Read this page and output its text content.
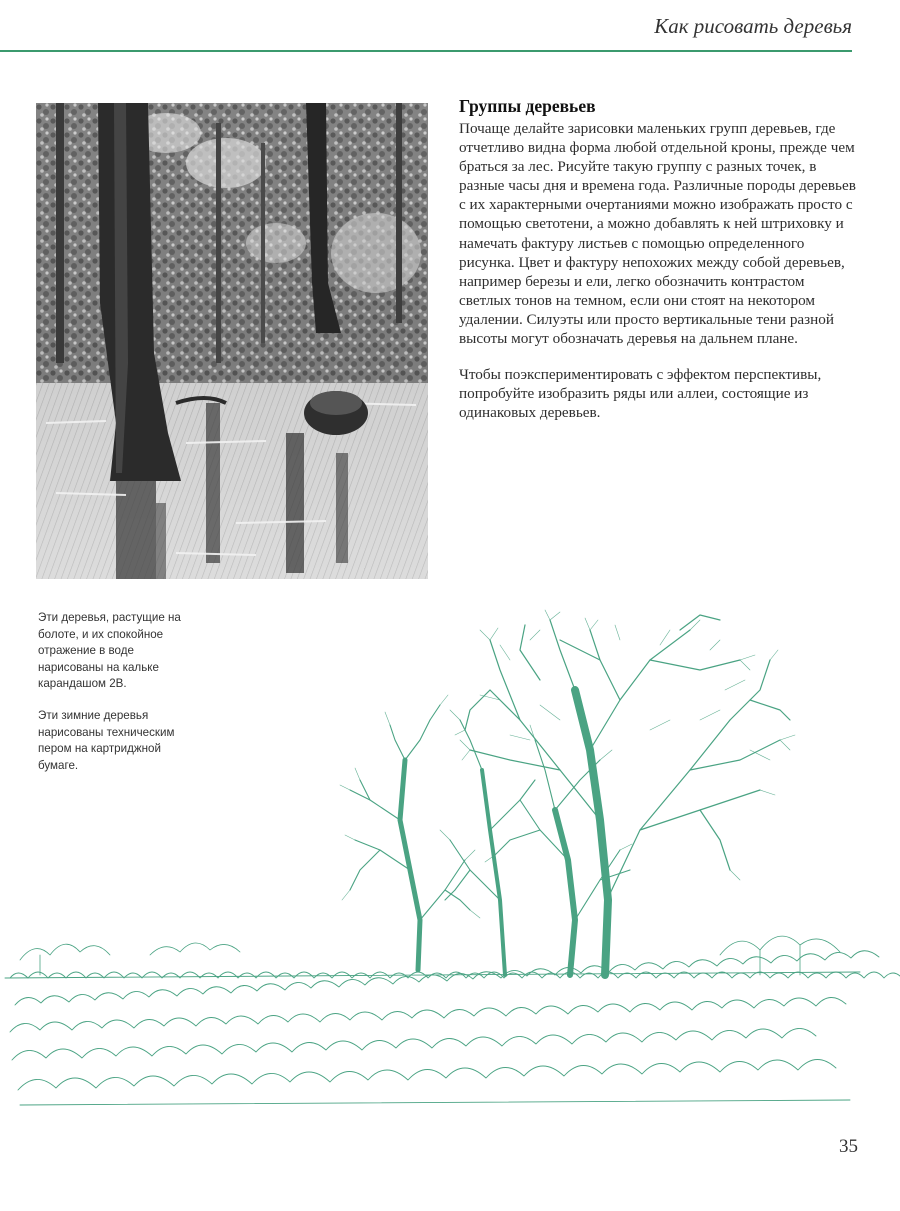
Как рисовать деревья
Группы деревьев

Почаще делайте зарисовки маленьких групп деревьев, где отчетливо видна форма любой отдельной кроны, прежде чем браться за лес. Рисуйте такую группу с разных точек, в разные часы дня и времена года. Различные породы деревьев с их характерными очертаниями можно изображать просто с помощью светотени, а можно добавлять к ней штриховку и намечать фактуру листьев с помощью определенного рисунка. Цвет и фактуру непохожих между собой деревьев, например березы и ели, легко обозначить контрастом светлых тонов на темном, если они стоят на некотором удалении. Силуэты или просто вертикальные тени разной высоты могут обозначать деревья на дальнем плане.

Чтобы поэкспериментировать с эффектом перспективы, попробуйте изобразить ряды или аллеи, состоящие из одинаковых деревьев.

Эти деревья, растущие на болоте, и их спокойное отражение в воде нарисованы на кальке карандашом 2B.
Эти зимние деревья нарисованы техническим пером на картриджной бумаге.
35
